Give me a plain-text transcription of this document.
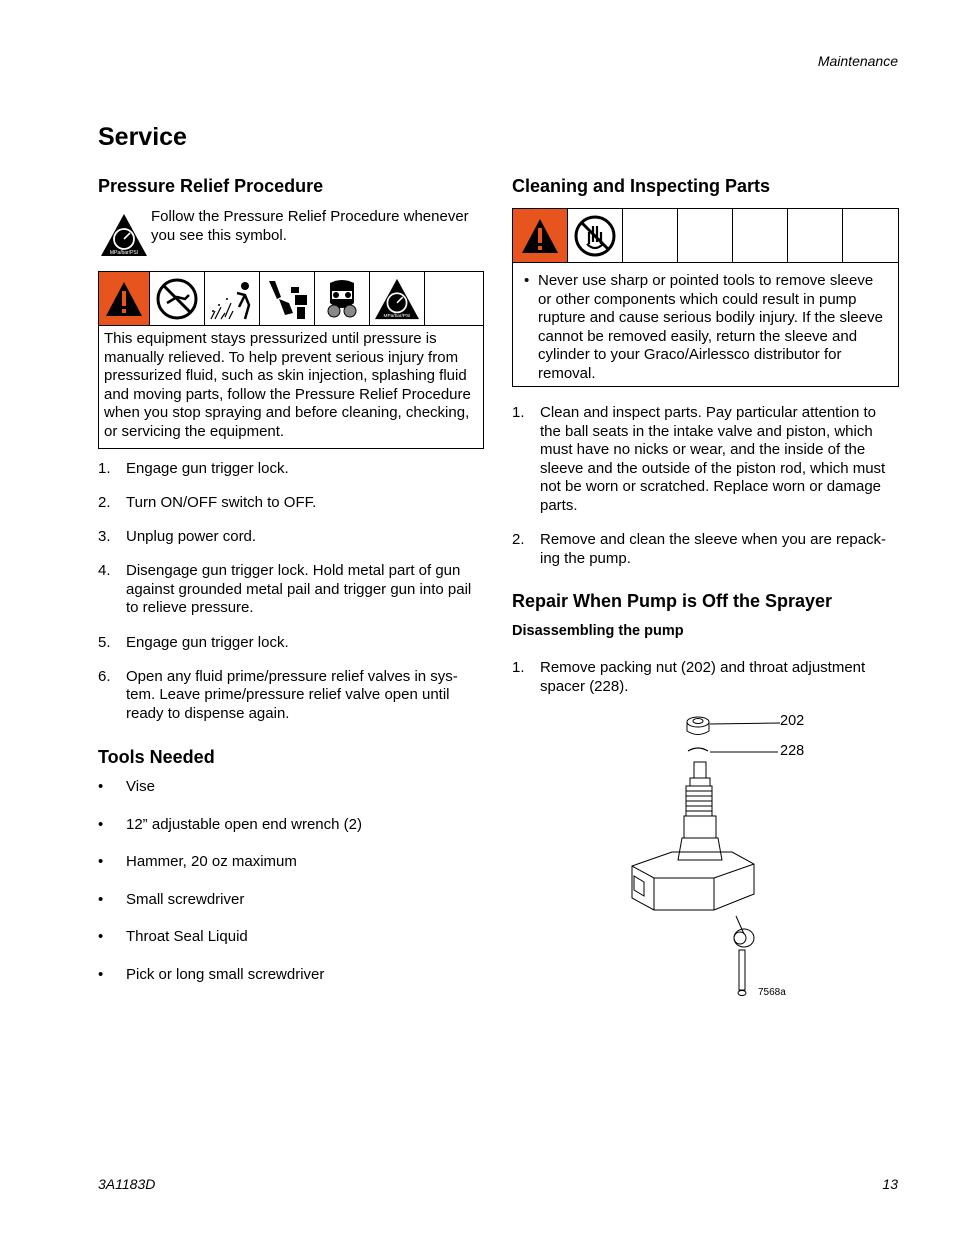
Maintenance
Service
Pressure Relief Procedure
MPa/bar/PSI
Follow the Pressure Relief Procedure whenever you see this symbol.
MPa/bar/PSI
This equipment stays pressurized until pressure is manually relieved. To help prevent serious injury from pressurized fluid, such as skin injection, splashing fluid and moving parts, follow the Pressure Relief Procedure when you stop spraying and before cleaning, checking, or servicing the equipment.
1. Engage gun trigger lock.
2. Turn ON/OFF switch to OFF.
3. Unplug power cord.
4. Disengage gun trigger lock. Hold metal part of gun against grounded metal pail and trigger gun into pail to relieve pressure.
5. Engage gun trigger lock.
6. Open any fluid prime/pressure relief valves in sys-tem. Leave prime/pressure relief valve open until ready to dispense again.
Tools Needed
• Vise
• 12” adjustable open end wrench (2)
• Hammer, 20 oz maximum
• Small screwdriver
• Throat Seal Liquid
• Pick or long small screwdriver
Cleaning and Inspecting Parts
• Never use sharp or pointed tools to remove sleeve or other components which could result in pump rupture and cause serious bodily injury. If the sleeve cannot be removed easily, return the sleeve and cylinder to your Graco/Airlessco distributor for removal.
1. Clean and inspect parts. Pay particular attention to the ball seats in the intake valve and piston, which must have no nicks or wear, and the inside of the sleeve and the outside of the piston rod, which must not be worn or scratched. Replace worn or damage parts.
2. Remove and clean the sleeve when you are repack-ing the pump.
Repair When Pump is Off the Sprayer
Disassembling the pump
1. Remove packing nut (202) and throat adjustment spacer (228).
202
228
7568a
3A1183D	13
